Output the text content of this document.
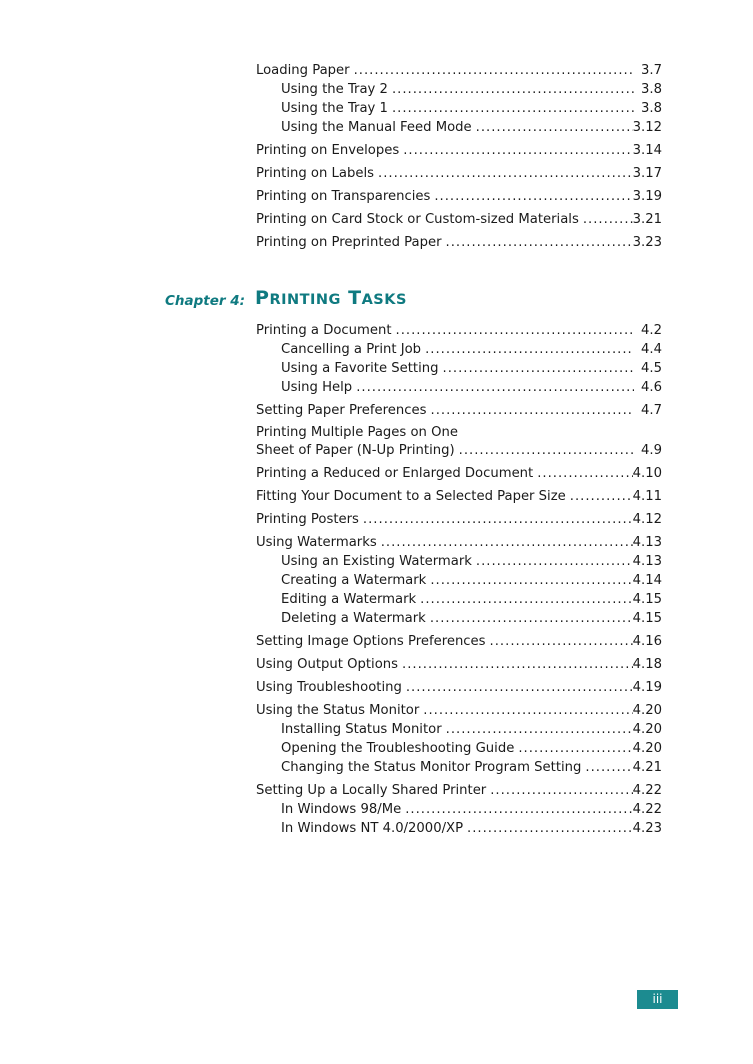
Loading Paper .....	3.7
Using the Tray 2 .....	3.8
Using the Tray 1 .....	3.8
Using the Manual Feed Mode .....	3.12
Printing on Envelopes .....	3.14
Printing on Labels .....	3.17
Printing on Transparencies .....	3.19
Printing on Card Stock or Custom-sized Materials .....	3.21
Printing on Preprinted Paper .....	3.23
Chapter 4: PRINTING TASKS
Printing a Document .....	4.2
Cancelling a Print Job .....	4.4
Using a Favorite Setting .....	4.5
Using Help .....	4.6
Setting Paper Preferences .....	4.7
Printing Multiple Pages on One
Sheet of Paper (N-Up Printing) .....	4.9
Printing a Reduced or Enlarged Document .....	4.10
Fitting Your Document to a Selected Paper Size .....	4.11
Printing Posters .....	4.12
Using Watermarks .....	4.13
Using an Existing Watermark .....	4.13
Creating a Watermark .....	4.14
Editing a Watermark .....	4.15
Deleting a Watermark .....	4.15
Setting Image Options Preferences .....	4.16
Using Output Options .....	4.18
Using Troubleshooting .....	4.19
Using the Status Monitor .....	4.20
Installing Status Monitor .....	4.20
Opening the Troubleshooting Guide .....	4.20
Changing the Status Monitor Program Setting .....	4.21
Setting Up a Locally Shared Printer .....	4.22
In Windows 98/Me .....	4.22
In Windows NT 4.0/2000/XP .....	4.23
iii
